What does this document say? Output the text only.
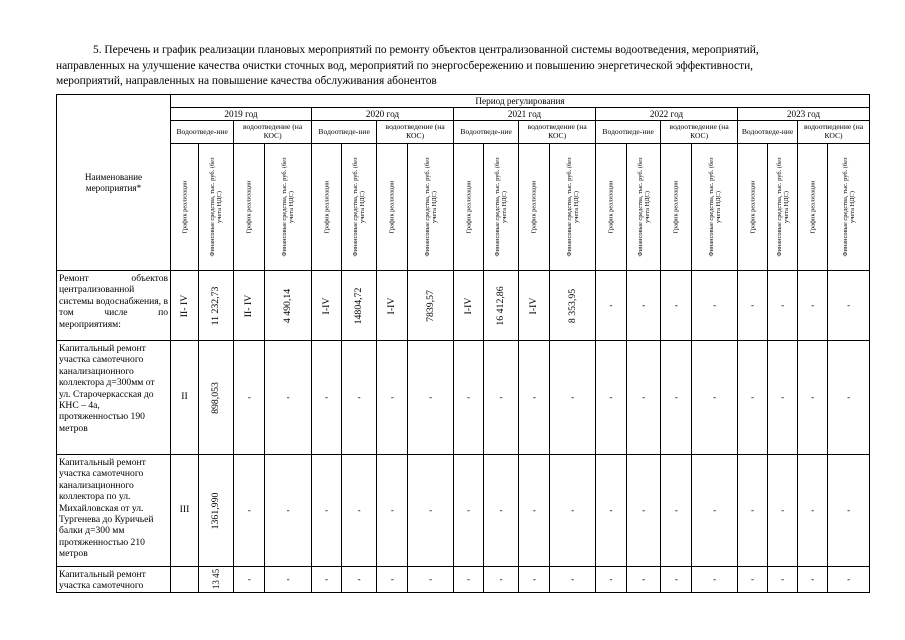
5. Перечень и график реализации плановых мероприятий по ремонту объектов централизованной системы водоотведения, мероприятий,
направленных на улучшение качества очистки сточных вод, мероприятий по энергосбережению и повышению энергетической эффективности,
мероприятий, направленных на повышение качества обслуживания абонентов
Наименование мероприятия*	Период регулирования																			
	2019 год				2020 год				2021 год				2022 год				2023 год			
	Водоотведе-ние		водоотведение (на КОС)		Водоотведе-ние		водоотведение (на КОС)		Водоотведе-ние		водоотведение (на КОС)		Водоотведе-ние		водоотведение (на КОС)		Водоотведе-ние		водоотведение (на КОС)	

	График реализации	Финансовые средства, тыс. руб. (без учета НДС)	График реализации	Финансовые средства, тыс. руб. (без учета НДС)	График реализации	Финансовые средства, тыс. руб. (без учета НДС)	График реализации	Финансовые средства, тыс. руб. (без учета НДС)	График реализации	Финансовые средства, тыс. руб. (без учета НДС)	График реализации	Финансовые средства, тыс. руб. (без учета НДС)	График реализации	Финансовые средства, тыс. руб. (без учета НДС)	График реализации	Финансовые средства, тыс. руб. (без учета НДС)	График реализации	Финансовые средства, тыс. руб. (без учета НДС)	График реализации	Финансовые средства, тыс. руб. (без учета НДС)

Ремонт объектов централизованной системы водоснабжения, в том числе по мероприятиям:	II- IV	11 232,73	II- IV	4 490,14	I-IV	14804,72	I-IV	7839,57	I-IV	16 412,86	I-IV	8 353,95	-	-	-	-	-	-	-	-
Капитальный ремонт участка самотечного канализационного коллектора д=300мм от ул. Старочеркасская до КНС – 4а, протяженностью 190 метров	II	898,053	-	-	-	-	-	-	-	-	-	-	-	-	-	-	-	-	-	-
Капитальный ремонт участка самотечного канализационного коллектора по ул. Михайловская от ул. Тургенева до Куричьей балки д=300 мм протяженностью 210 метров	III	1361,990	-	-	-	-	-	-	-	-	-	-	-	-	-	-	-	-	-	-
Капитальный ремонт участка самотечного		13 45	-	-	-	-	-	-	-	-	-	-	-	-	-	-	-	-	-	-
